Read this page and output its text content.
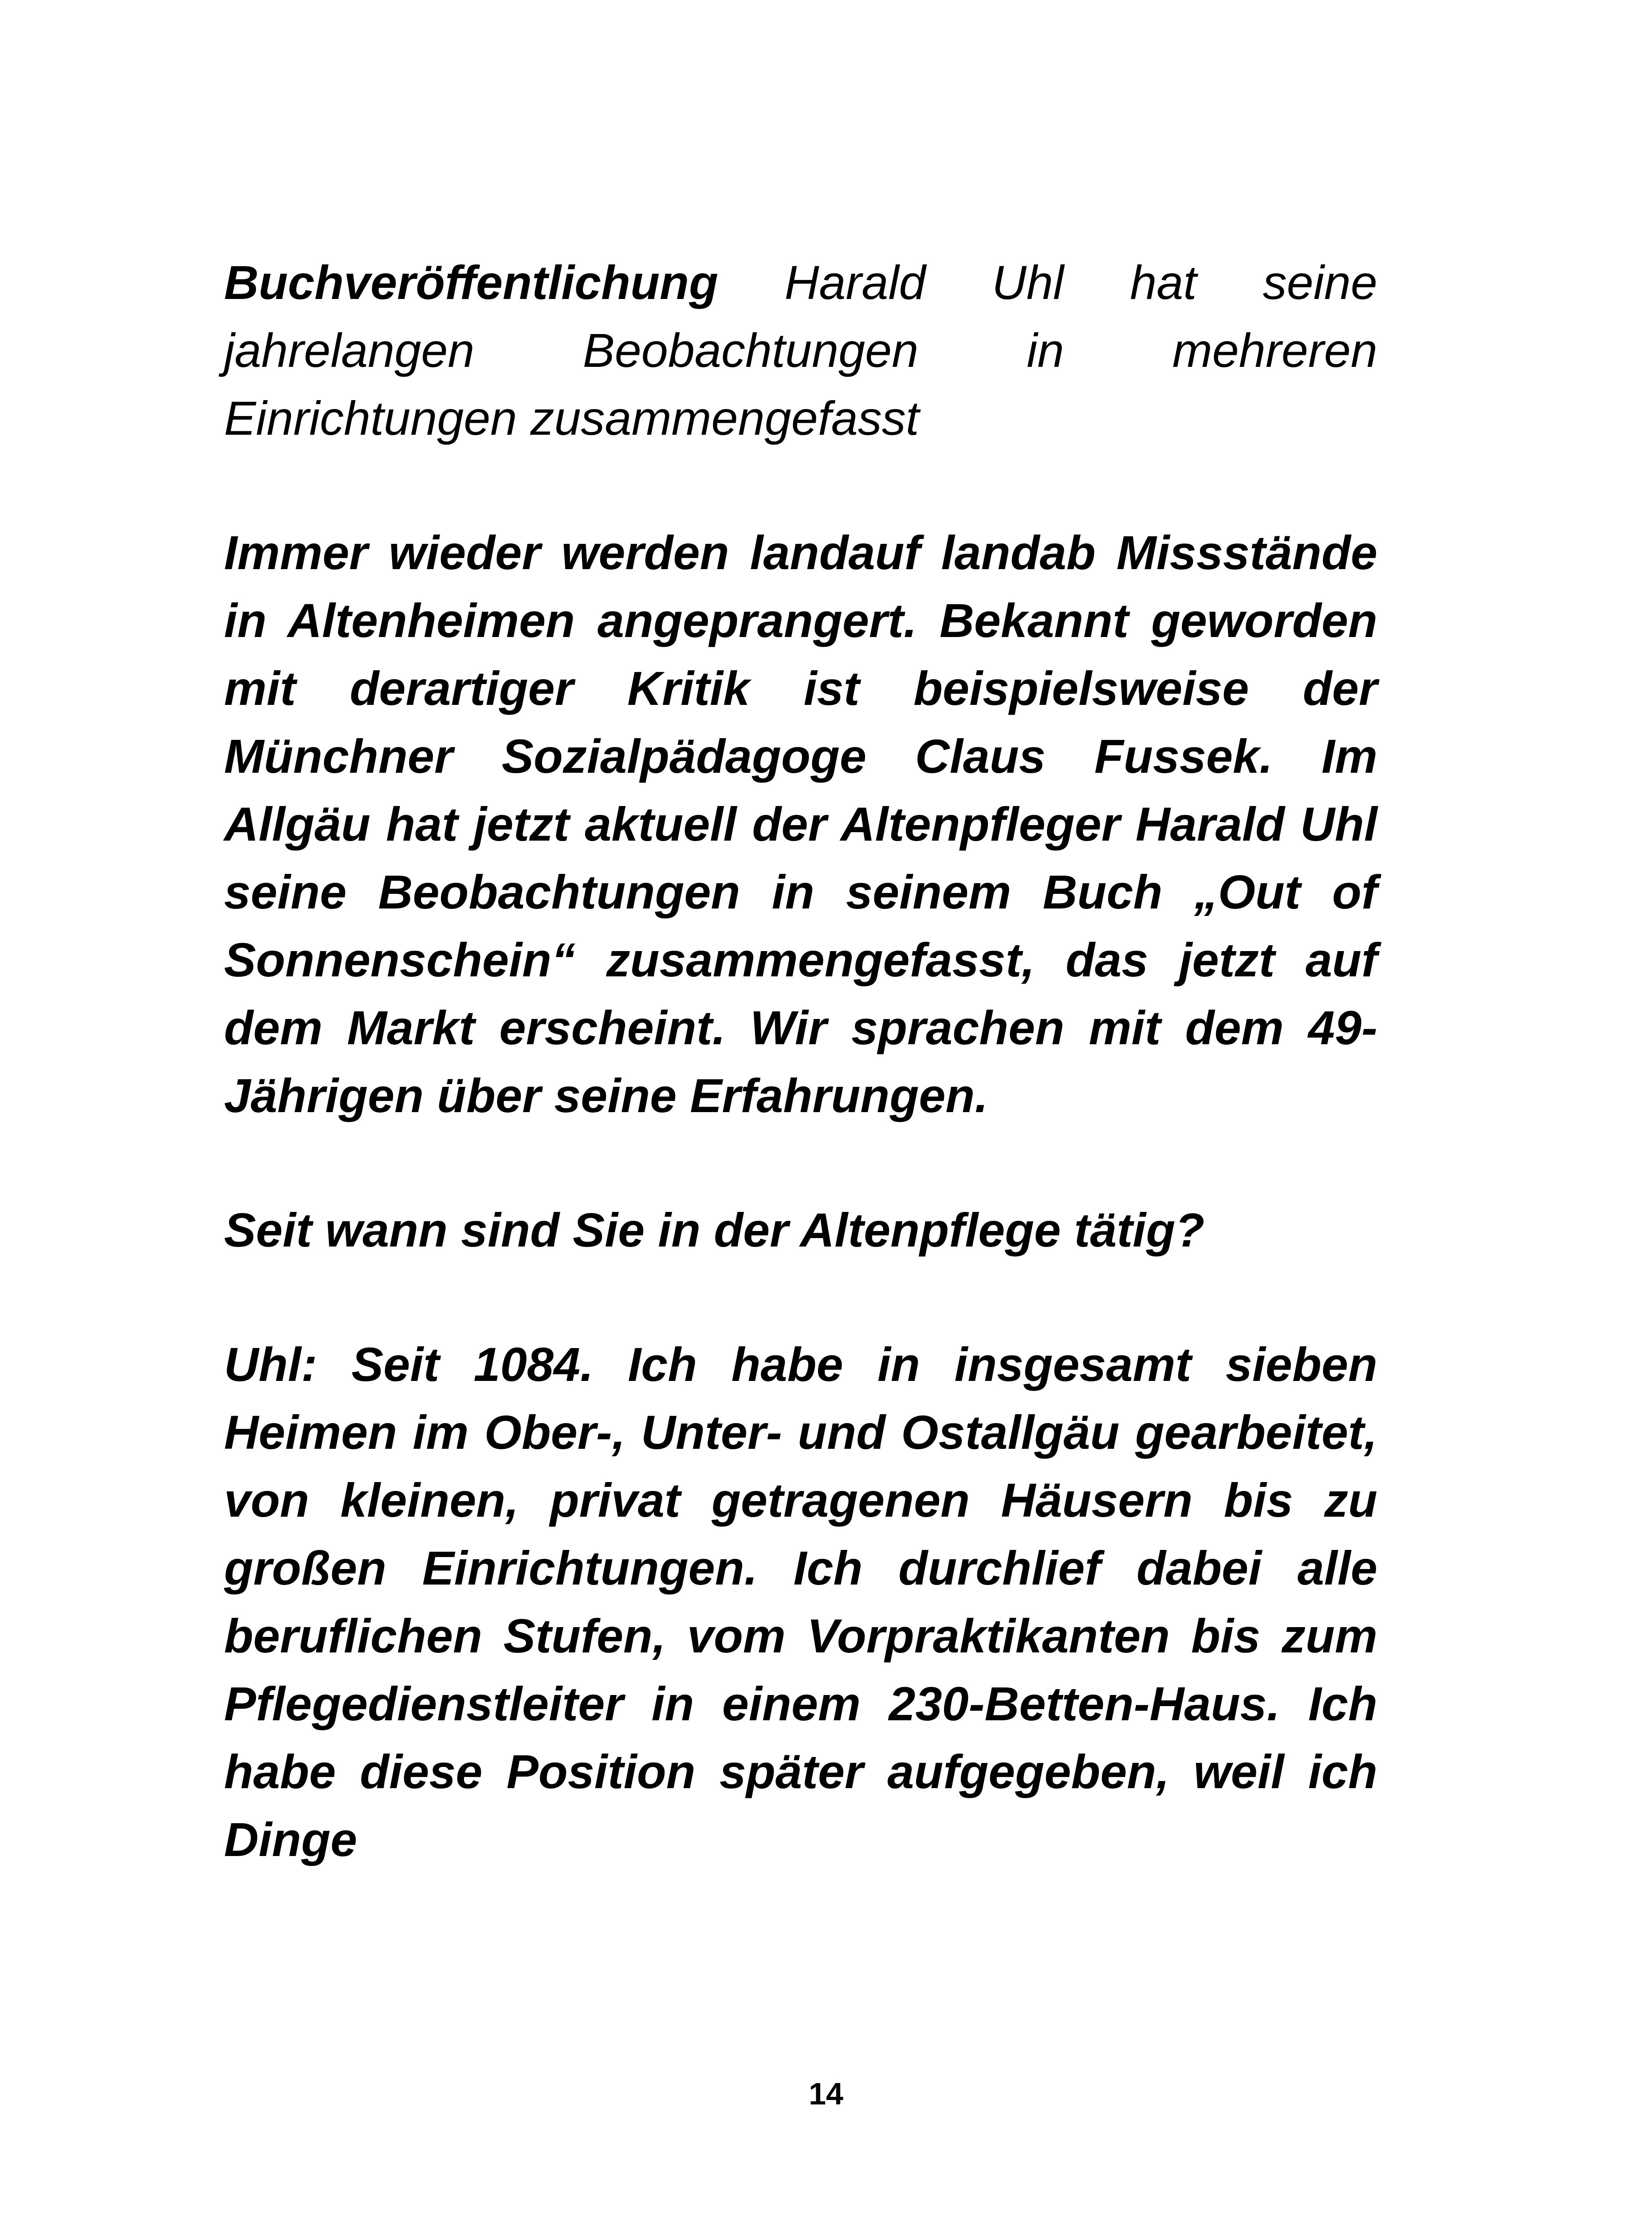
Buchveröffentlichung Harald Uhl hat seine jahrelangen Beobachtungen in mehreren Einrichtungen zusammengefasst

Immer wieder werden landauf landab Missstände in Altenheimen angeprangert. Bekannt geworden mit derartiger Kritik ist beispielsweise der Münchner Sozialpädagoge Claus Fussek. Im Allgäu hat jetzt aktuell der Altenpfleger Harald Uhl seine Beobachtungen in seinem Buch „Out of Sonnenschein“ zusammengefasst, das jetzt auf dem Markt erscheint. Wir sprachen mit dem 49-Jährigen über seine Erfahrungen.

Seit wann sind Sie in der Altenpflege tätig?

Uhl: Seit 1084. Ich habe in insgesamt sieben Heimen im Ober-, Unter- und Ostallgäu gearbeitet, von kleinen, privat getragenen Häusern bis zu großen Einrichtungen. Ich durchlief dabei alle beruflichen Stufen, vom Vorpraktikanten bis zum Pflegedienstleiter in einem 230-Betten-Haus. Ich habe diese Position später aufgegeben, weil ich Dinge

14
